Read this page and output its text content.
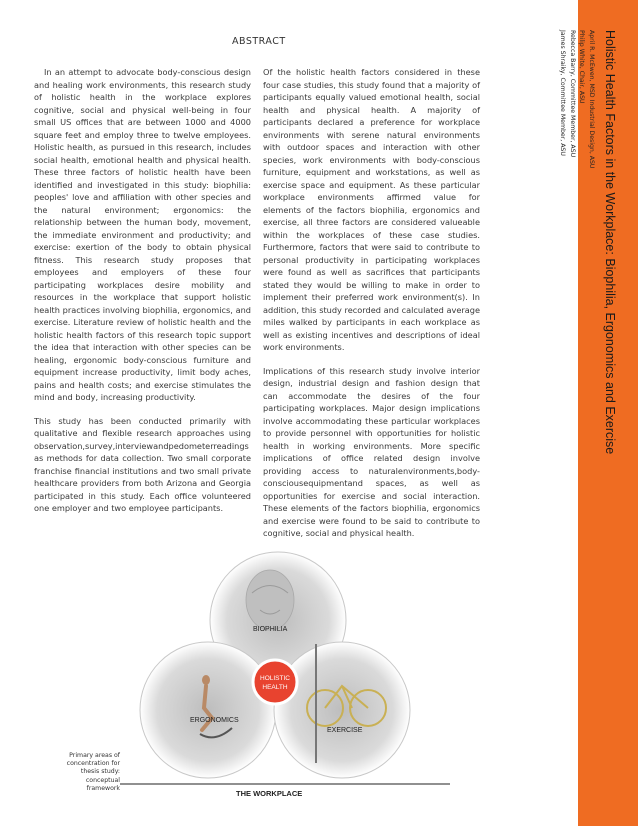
ABSTRACT

In an attempt to advocate body-conscious design and healing work environments, this research study of holistic health in the workplace explores cognitive, social and physical well-being in four small US offices that are between 1000 and 4000 square feet and employ three to twelve employees. Holistic health, as pursued in this research, includes social health, emotional health and physical health. These three factors of holistic health have been identified and investigated in this study: biophilia: peoples' love and affiliation with other species and the natural environment; ergonomics: the relationship between the human body, movement, the immediate environment and productivity; and exercise: exertion of the body to obtain physical fitness. This research study proposes that employees and employers of these four participating workplaces desire mobility and resources in the workplace that support holistic health practices involving biophilia, ergonomics, and exercise. Literature review of holistic health and the holistic health factors of this research topic support the idea that interaction with other species can be healing, ergonomic body-conscious furniture and equipment increase productivity, limit body aches, pains and health costs; and exercise stimulates the mind and body, increasing productivity.

This study has been conducted primarily with qualitative and flexible research approaches using observation,survey,interviewandpedometerreadings as methods for data collection. Two small corporate franchise financial institutions and two small private healthcare providers from both Arizona and Georgia participated in this study. Each office volunteered one employer and two employee participants.

Of the holistic health factors considered in these four case studies, this study found that a majority of participants equally valued emotional health, social health and physical health. A majority of participants declared a preference for workplace environments with serene natural environments with outdoor spaces and interaction with other species, work environments with body-conscious furniture, equipment and workstations, as well as exercise space and equipment. As these particular workplace environments affirmed value for elements of the factors biophilia, ergonomics and exercise, all three factors are considered valueable within the workplaces of these case studies. Furthermore, factors that were said to contribute to personal productivity in participating workplaces were found as well as sacrifices that participants stated they would be willing to make in order to implement their preferred work environment(s). In addition, this study recorded and calculated average miles walked by participants in each workplace as well as existing incentives and descriptions of ideal work environments.

Implications of this research study involve interior design, industrial design and fashion design that can accommodate the desires of the four participating workplaces. Major design implications involve accommodating these particular workplaces to provide personnel with opportunities for holistic health in working environments. More specific implications of office related design involve providing access to naturalenvironments,body-consciousequipmentand spaces, as well as opportunities for exercise and social interaction. These elements of the factors biophilia, ergonomics and exercise were found to be said to contribute to cognitive, social and physical health.

Holistic Health Factors in the Workplace: Biophilia, Ergonomics and Exercise
April R. McEwen, MSD Industrial Design, ASU
Philip White, Chair, ASU
Rebecca Barry, Committee Member, ASU
James Shraiky, Committee Member, ASU
BIOPHILIA
ERGONOMICS
EXERCISE
HOLISTIC
HEALTH
THE WORKPLACE
Primary areas of
concentration for
thesis study:
conceptual
framework
